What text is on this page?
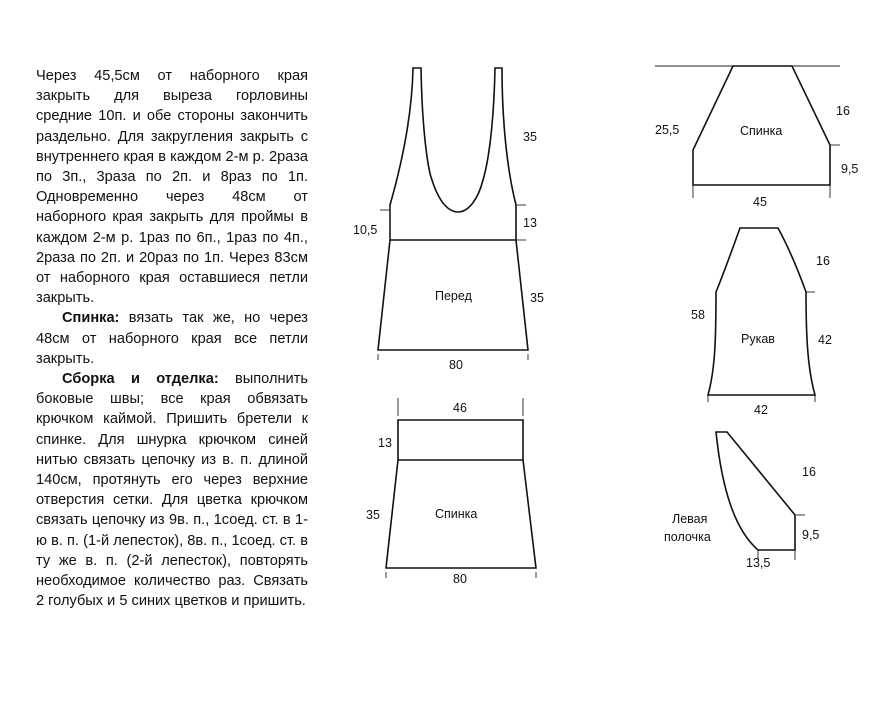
Через 45,5см от наборного края закрыть для выреза горловины средние 10п. и обе стороны закончить раздельно. Для закругления закрыть с внутреннего края в каждом 2-м р. 2раза по 3п., 3раза по 2п. и 8раз по 1п. Одновременно через 48см от наборного края закрыть для проймы в каждом 2-м р. 1раз по 6п., 1раз по 4п., 2раза по 2п. и 20раз по 1п. Через 83см от наборного края оставшиеся петли закрыть.

Спинка: вязать так же, но через 48см от наборного края все петли закрыть.

Сборка и отделка: выполнить боковые швы; все края обвязать крючком каймой. Пришить бретели к спинке. Для шнурка крючком синей нитью связать цепочку из в. п. длиной 140см, протянуть его через верхние отверстия сетки. Для цветка крючком связать цепочку из 9в. п., 1соед. ст. в 1-ю в. п. (1-й лепесток), 8в. п., 1соед. ст. в ту же в. п. (2-й лепесток), повторять необходимое количество раз. Связать 2 голубых и 5 синих цветков и пришить.

35
10,5	13
35
Перед
80
46
13
35	Спинка
80
25,5
16
9,5
Спинка
45
58
16
42
Рукав
42
16
9,5
Левая
полочка
13,5
